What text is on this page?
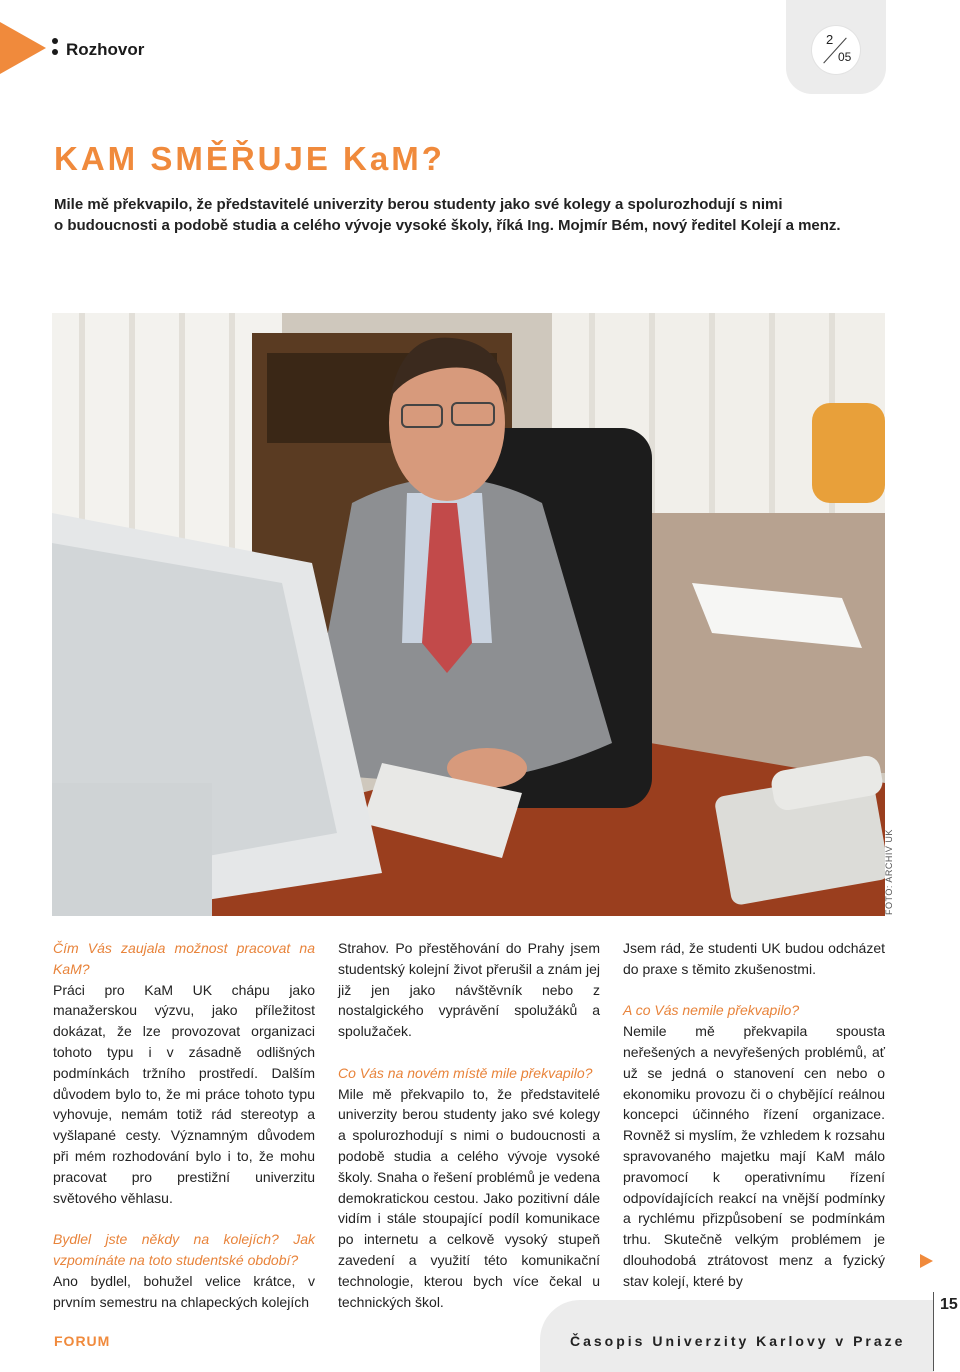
Rozhovor
2
05
KAM SMĚŘUJE KaM?
Mile mě překvapilo, že představitelé univerzity berou studenty jako své kolegy a spolurozhodují s nimi
o budoucnosti a podobě studia a celého vývoje vysoké školy, říká Ing. Mojmír Bém, nový ředitel Kolejí a menz.
FOTO: ARCHIV UK

Čím Vás zaujala možnost pracovat na KaM?

Práci pro KaM UK chápu jako manažerskou výzvu, jako příležitost dokázat, že lze provozovat organizaci tohoto typu i v zásadně odlišných podmínkách tržního prostředí. Dalším důvodem bylo to, že mi práce tohoto typu vyhovuje, nemám totiž rád stereotyp a vyšlapané cesty. Významným důvodem při mém rozhodování bylo i to, že mohu pracovat pro prestižní univerzitu světového věhlasu.

Bydlel jste někdy na kolejích? Jak vzpomínáte na toto studentské období?

Ano bydlel, bohužel velice krátce, v prvním semestru na chlapeckých kolejích

Strahov. Po přestěhování do Prahy jsem studentský kolejní život přerušil a znám jej již jen jako návštěvník nebo z nostalgického vyprávění spolužáků a spolužaček.

Co Vás na novém místě mile překvapilo?

Mile mě překvapilo to, že představitelé univerzity berou studenty jako své kolegy a spolurozhodují s nimi o budoucnosti a podobě studia a celého vývoje vysoké školy. Snaha o řešení problémů je vedena demokratickou cestou. Jako pozitivní dále vidím i stále stoupající podíl komunikace po internetu a celkově vysoký stupeň zavedení a využití této komunikační technologie, kterou bych více čekal u technických škol.

Jsem rád, že studenti UK budou odcházet do praxe s těmito zkušenostmi.

A co Vás nemile překvapilo?

Nemile mě překvapila spousta neřešených a nevyřešených problémů, ať už se jedná o stanovení cen nebo o ekonomiku provozu či o chybějící reálnou koncepci účinného řízení organizace. Rovněž si myslím, že vzhledem k rozsahu spravovaného majetku mají KaM málo pravomocí k operativnímu řízení odpovídajících reakcí na vnější podmínky a rychlému přizpůsobení se podmínkám trhu. Skutečně velkým problémem je dlouhodobá ztrátovost menz a fyzický stav kolejí, které by

15
FORUM	Časopis Univerzity Karlovy v Praze
